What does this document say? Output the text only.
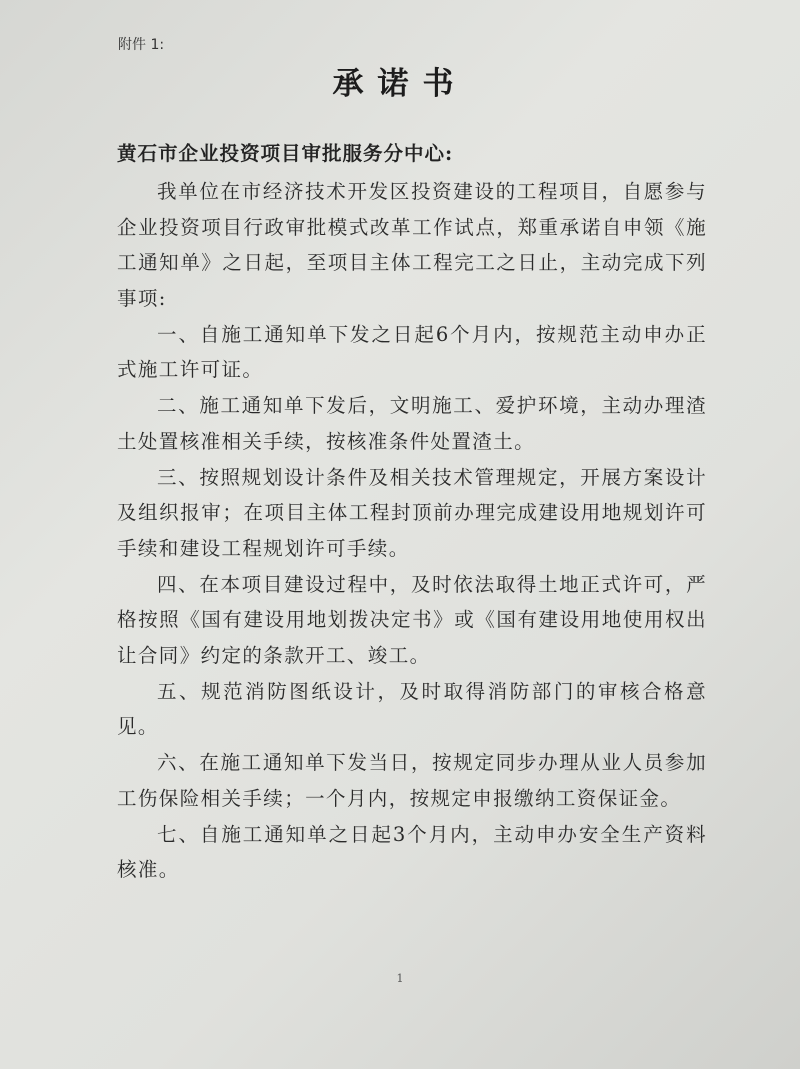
附件 1:
承诺书
黄石市企业投资项目审批服务分中心:

我单位在市经济技术开发区投资建设的工程项目，自愿参与企业投资项目行政审批模式改革工作试点，郑重承诺自申领《施工通知单》之日起，至项目主体工程完工之日止，主动完成下列事项:

一、自施工通知单下发之日起6个月内，按规范主动申办正式施工许可证。

二、施工通知单下发后，文明施工、爱护环境，主动办理渣土处置核准相关手续，按核准条件处置渣土。

三、按照规划设计条件及相关技术管理规定，开展方案设计及组织报审；在项目主体工程封顶前办理完成建设用地规划许可手续和建设工程规划许可手续。

四、在本项目建设过程中，及时依法取得土地正式许可，严格按照《国有建设用地划拨决定书》或《国有建设用地使用权出让合同》约定的条款开工、竣工。

五、规范消防图纸设计，及时取得消防部门的审核合格意见。

六、在施工通知单下发当日，按规定同步办理从业人员参加工伤保险相关手续；一个月内，按规定申报缴纳工资保证金。

七、自施工通知单之日起3个月内，主动申办安全生产资料核准。

1
